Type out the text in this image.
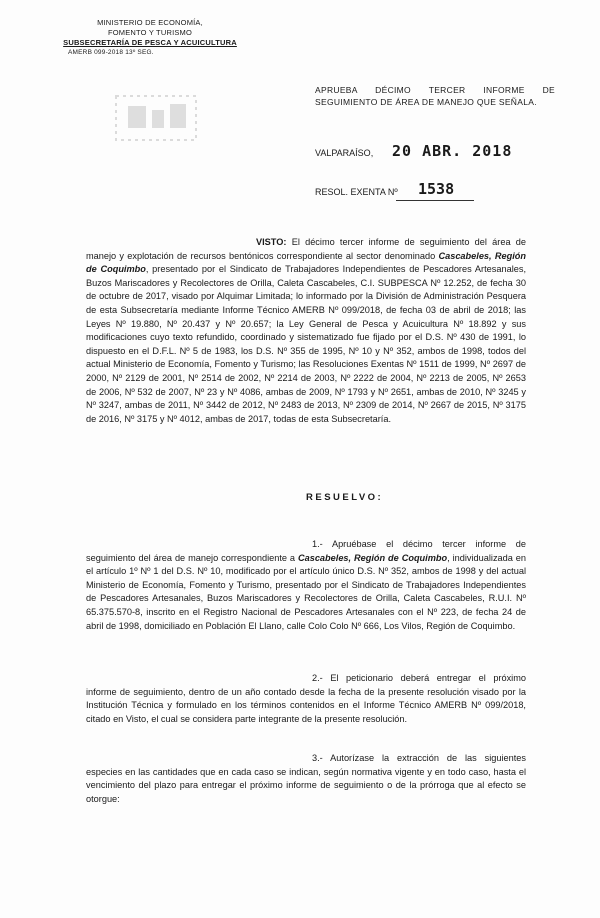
MINISTERIO DE ECONOMÍA,
FOMENTO Y TURISMO
SUBSECRETARÍA DE PESCA Y ACUICULTURA
AMERB 099-2018 13º SEG.
APRUEBA DÉCIMO TERCER INFORME DE SEGUIMIENTO DE ÁREA DE MANEJO QUE SEÑALA.
VALPARAÍSO, 20 ABR. 2018
RESOL. EXENTA Nº 1538
VISTO: El décimo tercer informe de seguimiento del área de manejo y explotación de recursos bentónicos correspondiente al sector denominado Cascabeles, Región de Coquimbo, presentado por el Sindicato de Trabajadores Independientes de Pescadores Artesanales, Buzos Mariscadores y Recolectores de Orilla, Caleta Cascabeles, C.I. SUBPESCA Nº 12.252, de fecha 30 de octubre de 2017, visado por Alquimar Limitada; lo informado por la División de Administración Pesquera de esta Subsecretaría mediante Informe Técnico AMERB Nº 099/2018, de fecha 03 de abril de 2018; las Leyes Nº 19.880, Nº 20.437 y Nº 20.657; la Ley General de Pesca y Acuicultura Nº 18.892 y sus modificaciones cuyo texto refundido, coordinado y sistematizado fue fijado por el D.S. Nº 430 de 1991, lo dispuesto en el D.F.L. Nº 5 de 1983, los D.S. Nº 355 de 1995, Nº 10 y Nº 352, ambos de 1998, todos del actual Ministerio de Economía, Fomento y Turismo; las Resoluciones Exentas Nº 1511 de 1999, Nº 2697 de 2000, Nº 2129 de 2001, Nº 2514 de 2002, Nº 2214 de 2003, Nº 2222 de 2004, Nº 2213 de 2005, Nº 2653 de 2006, Nº 532 de 2007, Nº 23 y Nº 4086, ambas de 2009, Nº 1793 y Nº 2651, ambas de 2010, Nº 3245 y Nº 3247, ambas de 2011, Nº 3442 de 2012, Nº 2483 de 2013, Nº 2309 de 2014, Nº 2667 de 2015, Nº 3175 de 2016, Nº 3175 y Nº 4012, ambas de 2017, todas de esta Subsecretaría.
RESUELVO:
1.- Apruébase el décimo tercer informe de seguimiento del área de manejo correspondiente a Cascabeles, Región de Coquimbo, individualizada en el artículo 1º Nº 1 del D.S. Nº 10, modificado por el artículo único D.S. Nº 352, ambos de 1998 y del actual Ministerio de Economía, Fomento y Turismo, presentado por el Sindicato de Trabajadores Independientes de Pescadores Artesanales, Buzos Mariscadores y Recolectores de Orilla, Caleta Cascabeles, R.U.I. Nº 65.375.570-8, inscrito en el Registro Nacional de Pescadores Artesanales con el Nº 223, de fecha 24 de abril de 1998, domiciliado en Población El Llano, calle Colo Colo Nº 666, Los Vilos, Región de Coquimbo.
2.- El peticionario deberá entregar el próximo informe de seguimiento, dentro de un año contado desde la fecha de la presente resolución visado por la Institución Técnica y formulado en los términos contenidos en el Informe Técnico AMERB Nº 099/2018, citado en Visto, el cual se considera parte integrante de la presente resolución.
3.- Autorízase la extracción de las siguientes especies en las cantidades que en cada caso se indican, según normativa vigente y en todo caso, hasta el vencimiento del plazo para entregar el próximo informe de seguimiento o de la prórroga que al efecto se otorgue:
